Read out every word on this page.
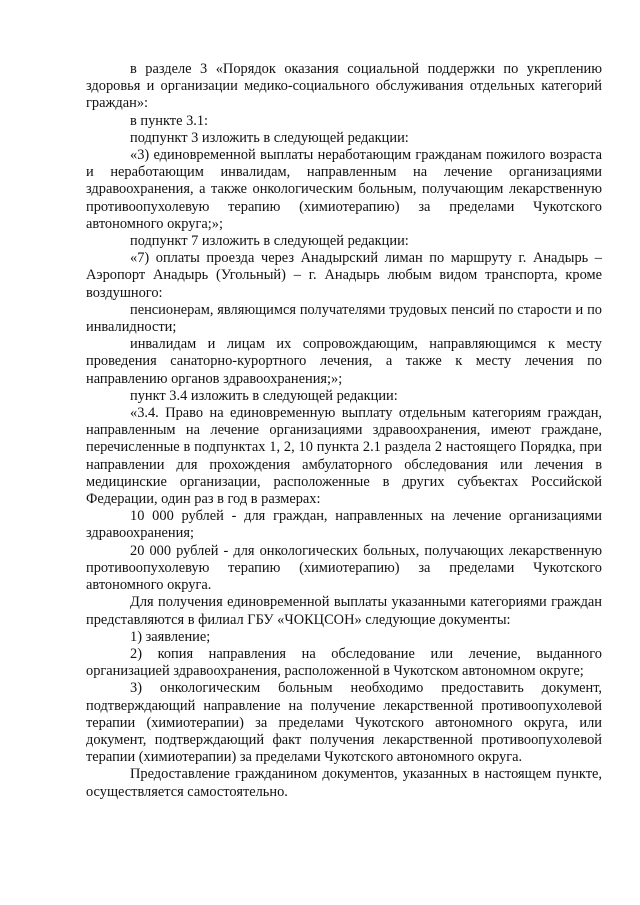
в разделе 3 «Порядок оказания социальной поддержки по укреплению здоровья и организации медико-социального обслуживания отдельных категорий граждан»:

в пункте 3.1:

подпункт 3 изложить в следующей редакции:

«3) единовременной выплаты неработающим гражданам пожилого возраста и неработающим инвалидам, направленным на лечение организациями здравоохранения, а также онкологическим больным, получающим лекарственную противоопухолевую терапию (химиотерапию) за пределами Чукотского автономного округа;»;

подпункт 7 изложить в следующей редакции:

«7) оплаты проезда через Анадырский лиман по маршруту г. Анадырь – Аэропорт Анадырь (Угольный) – г. Анадырь любым видом транспорта, кроме воздушного:

пенсионерам, являющимся получателями трудовых пенсий по старости и по инвалидности;

инвалидам и лицам их сопровождающим, направляющимся к месту проведения санаторно-курортного лечения, а также к месту лечения по направлению органов здравоохранения;»;

пункт 3.4 изложить в следующей редакции:

«3.4. Право на единовременную выплату отдельным категориям граждан, направленным на лечение организациями здравоохранения, имеют граждане, перечисленные в подпунктах 1, 2, 10 пункта 2.1 раздела 2 настоящего Порядка, при направлении для прохождения амбулаторного обследования или лечения в медицинские организации, расположенные в других субъектах Российской Федерации, один раз в год в размерах:

10 000 рублей - для граждан, направленных на лечение организациями здравоохранения;

20 000 рублей - для онкологических больных, получающих лекарственную противоопухолевую терапию (химиотерапию) за пределами Чукотского автономного округа.

Для получения единовременной выплаты указанными категориями граждан представляются в филиал ГБУ «ЧОКЦСОН» следующие документы:

1) заявление;

2) копия направления на обследование или лечение, выданного организацией здравоохранения, расположенной в Чукотском автономном округе;

3) онкологическим больным необходимо предоставить документ, подтверждающий направление на получение лекарственной противоопухолевой терапии (химиотерапии) за пределами Чукотского автономного округа, или документ, подтверждающий факт получения лекарственной противоопухолевой терапии (химиотерапии) за пределами Чукотского автономного округа.

Предоставление гражданином документов, указанных в настоящем пункте, осуществляется самостоятельно.
